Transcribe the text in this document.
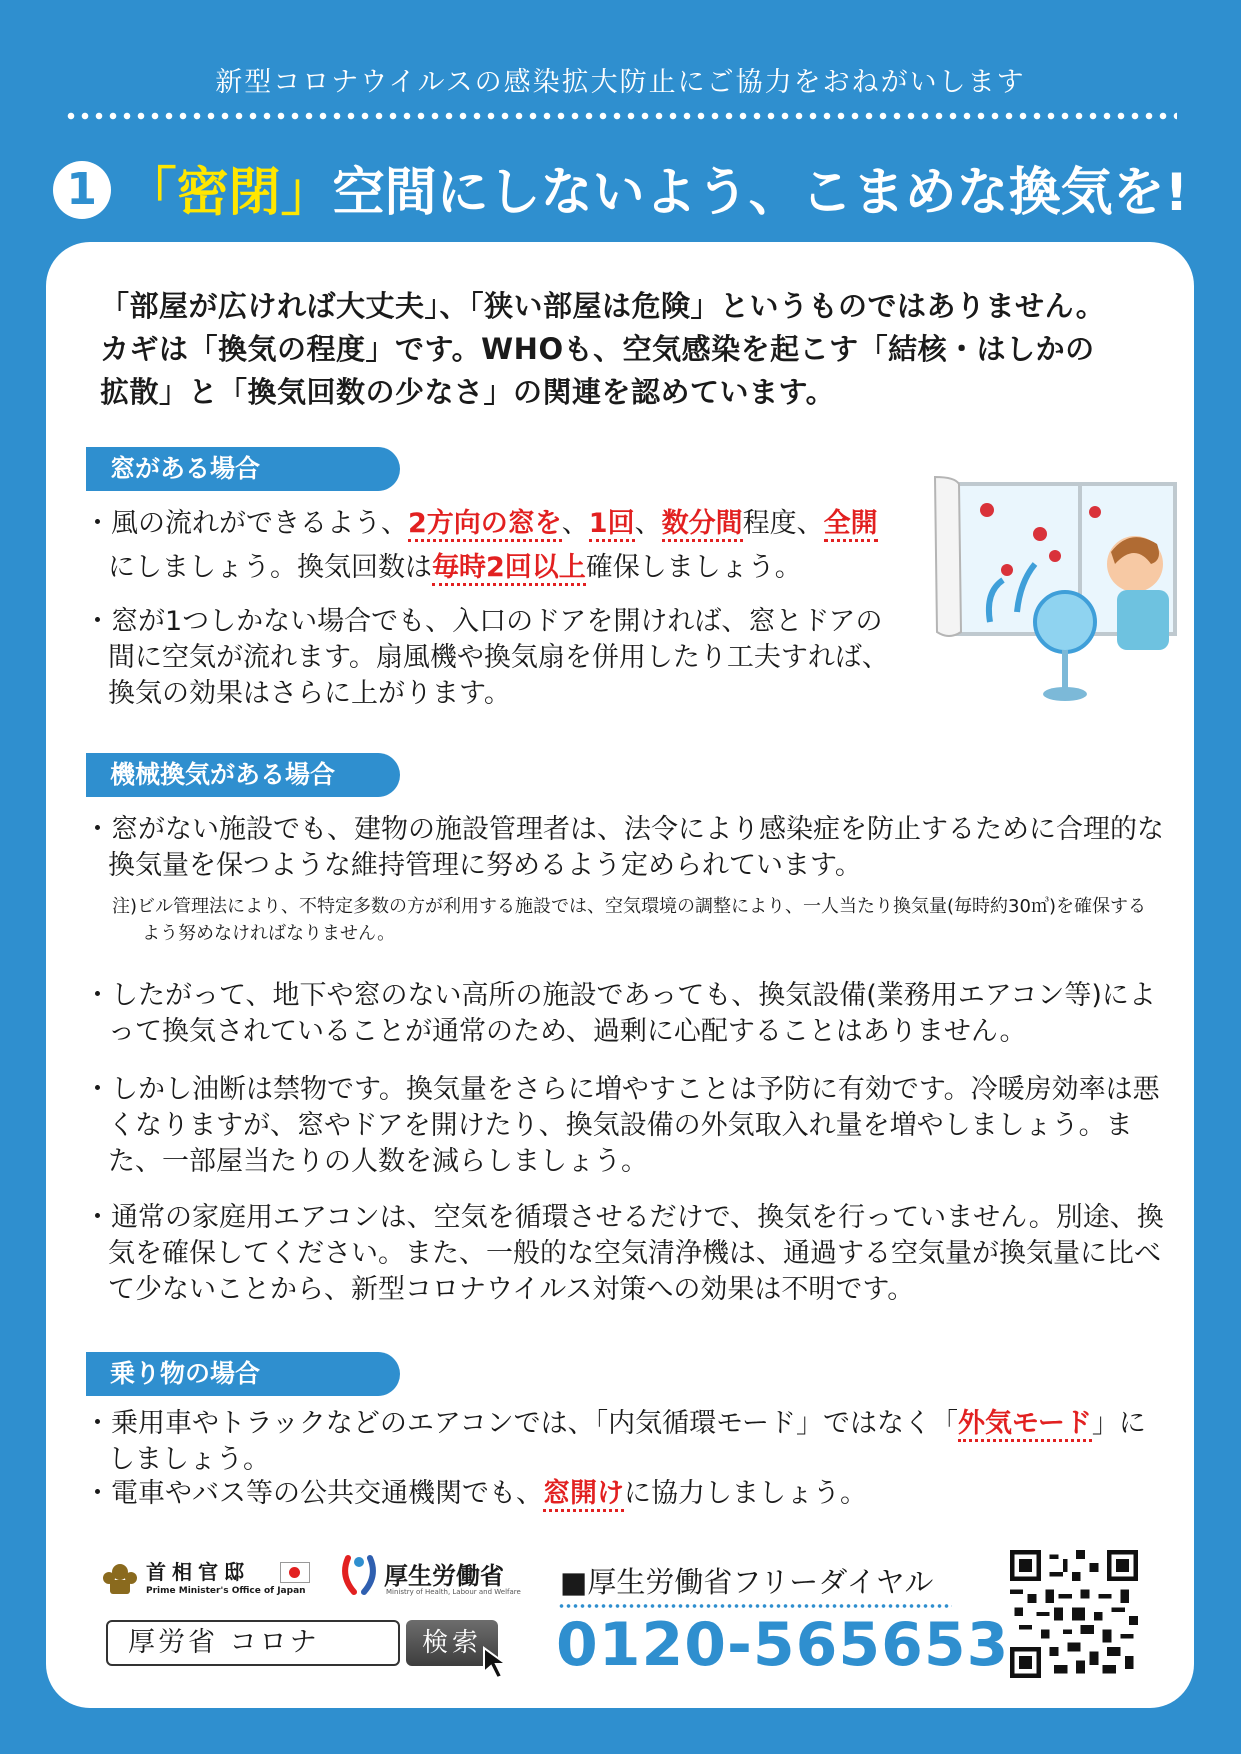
新型コロナウイルスの感染拡大防止にご協力をおねがいします
1 「密閉」空間にしないよう、こまめな換気を!
「部屋が広ければ大丈夫」、「狭い部屋は危険」というものではありません。
カギは「換気の程度」です。WHOも、空気感染を起こす「結核・はしかの
拡散」と「換気回数の少なさ」の関連を認めています。
窓がある場合
・風の流れができるよう、2方向の窓を、1回、数分間程度、全開にしましょう。換気回数は毎時2回以上確保しましょう。
・窓が1つしかない場合でも、入口のドアを開ければ、窓とドアの間に空気が流れます。扇風機や換気扇を併用したり工夫すれば、換気の効果はさらに上がります。
機械換気がある場合
・窓がない施設でも、建物の施設管理者は、法令により感染症を防止するために合理的な換気量を保つような維持管理に努めるよう定められています。
注)ビル管理法により、不特定多数の方が利用する施設では、空気環境の調整により、一人当たり換気量(毎時約30㎥)を確保するよう努めなければなりません。
・したがって、地下や窓のない高所の施設であっても、換気設備(業務用エアコン等)によって換気されていることが通常のため、過剰に心配することはありません。
・しかし油断は禁物です。換気量をさらに増やすことは予防に有効です。冷暖房効率は悪くなりますが、窓やドアを開けたり、換気設備の外気取入れ量を増やしましょう。また、一部屋当たりの人数を減らしましょう。
・通常の家庭用エアコンは、空気を循環させるだけで、換気を行っていません。別途、換気を確保してください。また、一般的な空気清浄機は、通過する空気量が換気量に比べて少ないことから、新型コロナウイルス対策への効果は不明です。
乗り物の場合
・乗用車やトラックなどのエアコンでは、「内気循環モード」ではなく「外気モード」にしましょう。
・電車やバス等の公共交通機関でも、窓開けに協力しましょう。
首相官邸
Prime Minister's Office of Japan
厚生労働省
Ministry of Health, Labour and Welfare
厚労省 コロナ	検索
■厚生労働省フリーダイヤル
0120-565653
